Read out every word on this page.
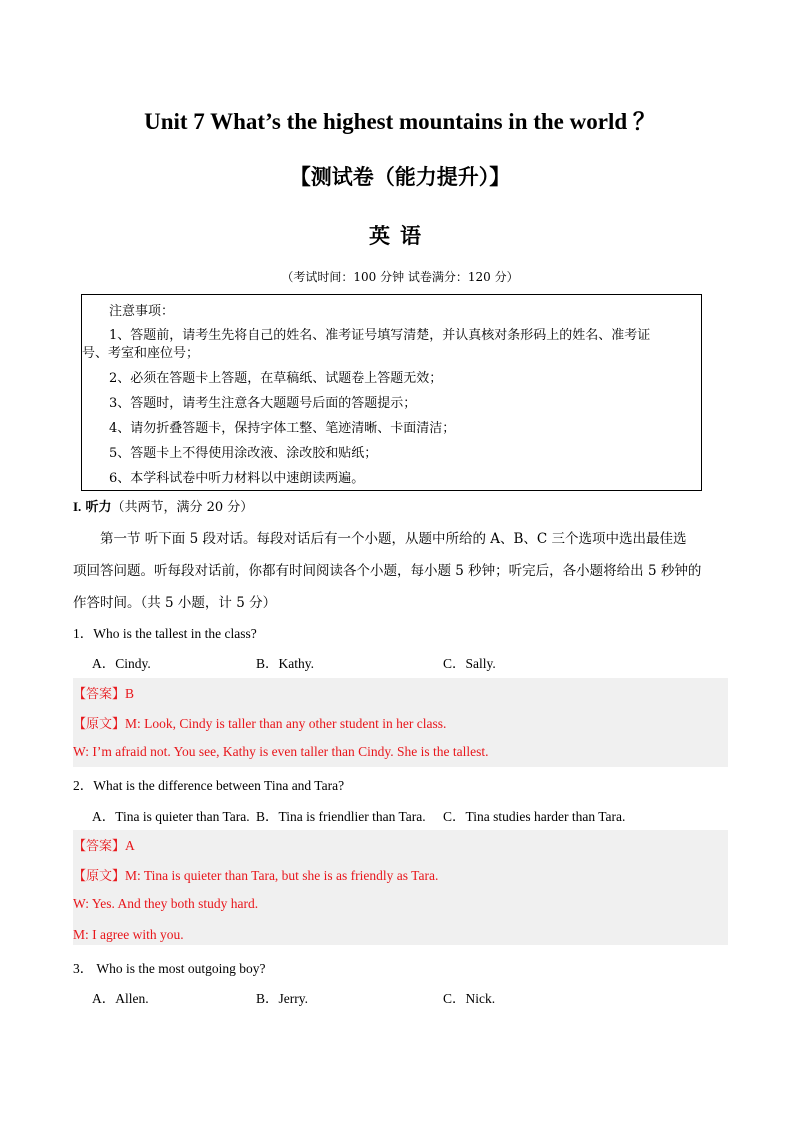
Unit 7 What’s the highest mountains in the world ？
【测试卷（能力提升）】
英语
（考试时间：100 分钟 试卷满分：120 分）
注意事项：
1、答题前，请考生先将自己的姓名、准考证号填写清楚，并认真核对条形码上的姓名、准考证
号、考室和座位号；
2、必须在答题卡上答题，在草稿纸、试题卷上答题无效；
3、答题时，请考生注意各大题题号后面的答题提示；
4、请勿折叠答题卡，保持字体工整、笔迹清晰、卡面清洁；
5、答题卡上不得使用涂改液、涂改胶和贴纸；
6、本学科试卷中听力材料以中速朗读两遍。
I. 听力（共两节，满分 20 分）
第一节 听下面 5 段对话。每段对话后有一个小题，从题中所给的 A、B、C 三个选项中选出最佳选
项回答问题。听每段对话前，你都有时间阅读各个小题，每小题 5 秒钟；听完后，各小题将给出 5 秒钟的
作答时间。（共 5 小题，计 5 分）
1．Who is the tallest in the class?
A．Cindy.	B．Kathy.	C．Sally.
【答案】B
【原文】M: Look, Cindy is taller than any other student in her class.
W: I’m afraid not. You see, Kathy is even taller than Cindy. She is the tallest.
2．What is the difference between Tina and Tara?
A．Tina is quieter than Tara. B．Tina is friendlier than Tara. C．Tina studies harder than Tara.
【答案】A
【原文】M: Tina is quieter than Tara, but she is as friendly as Tara.
W: Yes. And they both study hard.
M: I agree with you.
3． Who is the most outgoing boy?
A．Allen.	B．Jerry.	C．Nick.
